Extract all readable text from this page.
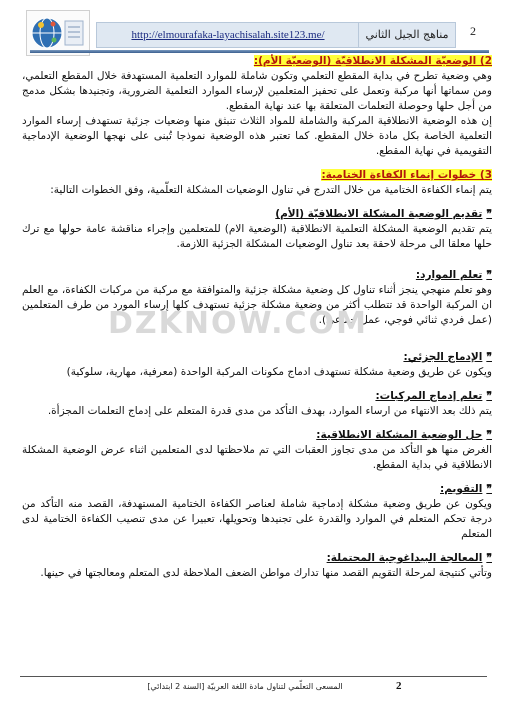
http://elmourafaka-layachisalah.site123.me/	مناهج الجيل الثاني	2

2) الوضعيّة المشكلة الانطلاقيّة (الوضعيّة الأم):

وهي وضعية تطرح في بداية المقطع التعلمي وتكون شاملة للموارد التعلمية المستهدفة خلال المقطع التعلمي، ومن سماتها أنها مركبة وتعمل على تحفيز المتعلمين لإرساء الموارد التعلمية الضرورية، وتجنيدها بشكل مدمج من أجل حلها وحوصلة التعلمات المتعلقة بها عند نهاية المقطع.

إن هذه الوضعية الانطلاقية المركبة والشاملة للمواد الثلاث تنبثق منها وضعيات جزئية تستهدف إرساء الموارد التعلمية الخاصة بكل مادة خلال المقطع. كما تعتبر هذه الوضعية نموذجا تُبنى على نهجها الوضعية الإدماجية التقويمية في نهاية المقطع.

3) خطوات إنماء الكفاءة الختامية:

يتم إنماء الكفاءة الختامية من خلال التدرج في تناول الوضعيات المشكلة التعلّمية، وفق الخطوات التالية:

❞تقديم الوضعية المشكلة الانطلاقيّة (الأم)

يتم تقديم الوضعية المشكلة التعلمية الانطلاقية (الوضعية الام) للمتعلمين وإجراء مناقشة عامة حولها مع ترك حلها معلقا الى مرحلة لاحقة بعد تناول الوضعيات المشكلة الجزئية اللازمة.

❞تعلم الموارد:

وهو تعلم منهجي ينجز أثناء تناول كل وضعية مشكلة جزئية والمتوافقة مع مركبة من مركبات الكفاءة، مع العلم ان المركبة الواحدة قد تتطلب أكثر من وضعية مشكلة جزئية تستهدف كلها إرساء المورد من طرف المتعلمين (عمل فردي ثنائي فوجي، عمل جماعي).

❞الإدماج الجزئي:

ويكون عن طريق وضعية مشكلة تستهدف ادماج مكونات المركبة الواحدة (معرفية، مهارية، سلوكية)

❞تعلم إدماج المركبات:

يتم ذلك بعد الانتهاء من ارساء الموارد، بهدف التأكد من مدى قدرة المتعلم على إدماج التعلمات المجزأة.

❞حل الوضعية المشكلة الانطلاقية:

الغرض منها هو التأكد من مدى تجاوز العقبات التي تم ملاحظتها لدى المتعلمين اثناء عرض الوضعية المشكلة الانطلاقية في بداية المقطع.

❞التقويم:

ويكون عن طريق وضعية مشكلة إدماجية شاملة لعناصر الكفاءة الختامية المستهدفة، القصد منه التأكد من درجة تحكم المتعلم في الموارد والقدرة على تجنيدها وتحويلها، تعبيرا عن مدى تنصيب الكفاءة الختامية لدى المتعلم

❞المعالجة البيداغوجية المحتملة:

وتأتي كنتيجة لمرحلة التقويم القصد منها تدارك مواطن الضعف الملاحظة لدى المتعلم ومعالجتها في حينها.

DZKNOW.COM
المسعى التعلّمي لتناول مادة اللغة العربيّة [السنة 2 ابتدائي]	2
